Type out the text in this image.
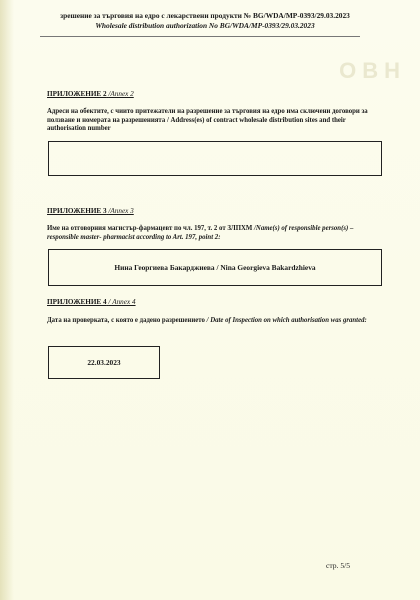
ОВН
зрешение за търговия на едро с лекарствени продукти № BG/WDA/MP-0393/29.03.2023
Wholesale distribution authorization No BG/WDA/MP-0393/29.03.2023
ПРИЛОЖЕНИЕ 2 /Annex 2
Адреси на обектите, с чиито притежатели на разрешение за търговия на едро има сключени договори за ползване и номерата на разрешенията / Address(es) of contract wholesale distribution sites and their authorisation number
ПРИЛОЖЕНИЕ 3 /Annex 3
Име на отговорния магистър-фармацевт по чл. 197, т. 2 от ЗЛПХМ /Name(s) of responsible person(s) – responsible master- pharmacist according to Art. 197, point 2:
Нина Георгиева Бакарджиева / Nina Georgieva Bakardzhieva
ПРИЛОЖЕНИЕ 4 / Annex 4
Дата на проверката, с която е дадено разрешението / Date of Inspection on which authorisation was granted:
22.03.2023
стр. 5/5
